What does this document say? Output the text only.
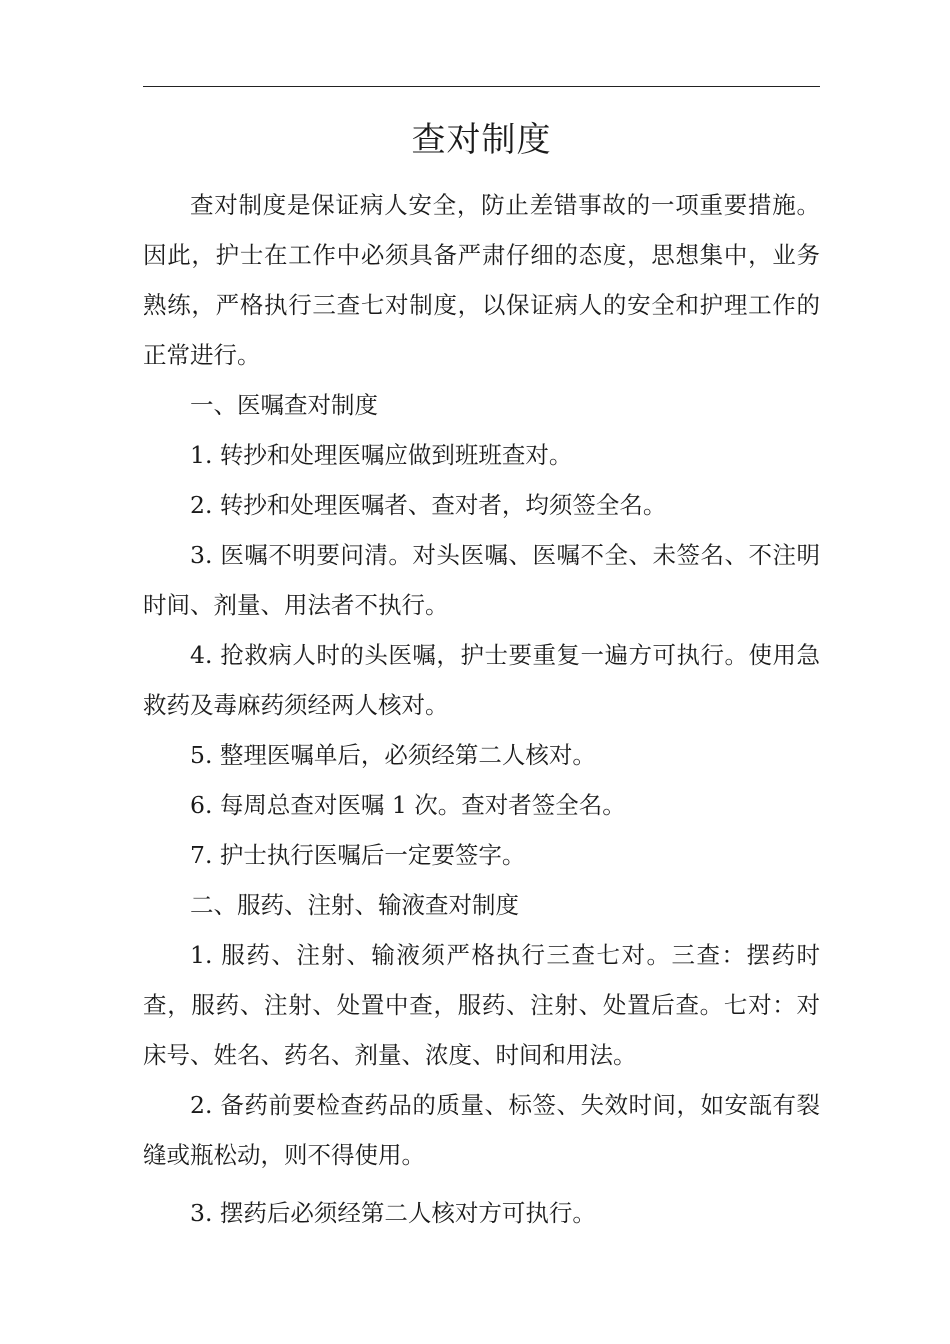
查对制度

查对制度是保证病人安全，防止差错事故的一项重要措施。因此，护士在工作中必须具备严肃仔细的态度，思想集中，业务熟练，严格执行三查七对制度，以保证病人的安全和护理工作的正常进行。

一、医嘱查对制度

1. 转抄和处理医嘱应做到班班查对。

2. 转抄和处理医嘱者、查对者，均须签全名。

3. 医嘱不明要问清。对头医嘱、医嘱不全、未签名、不注明时间、剂量、用法者不执行。

4. 抢救病人时的头医嘱，护士要重复一遍方可执行。使用急救药及毒麻药须经两人核对。

5. 整理医嘱单后，必须经第二人核对。

6. 每周总查对医嘱 1 次。查对者签全名。

7. 护士执行医嘱后一定要签字。

二、服药、注射、输液查对制度

1. 服药、注射、输液须严格执行三查七对。三查：摆药时查，服药、注射、处置中查，服药、注射、处置后查。七对：对床号、姓名、药名、剂量、浓度、时间和用法。

2. 备药前要检查药品的质量、标签、失效时间，如安瓿有裂缝或瓶松动，则不得使用。

3. 摆药后必须经第二人核对方可执行。
